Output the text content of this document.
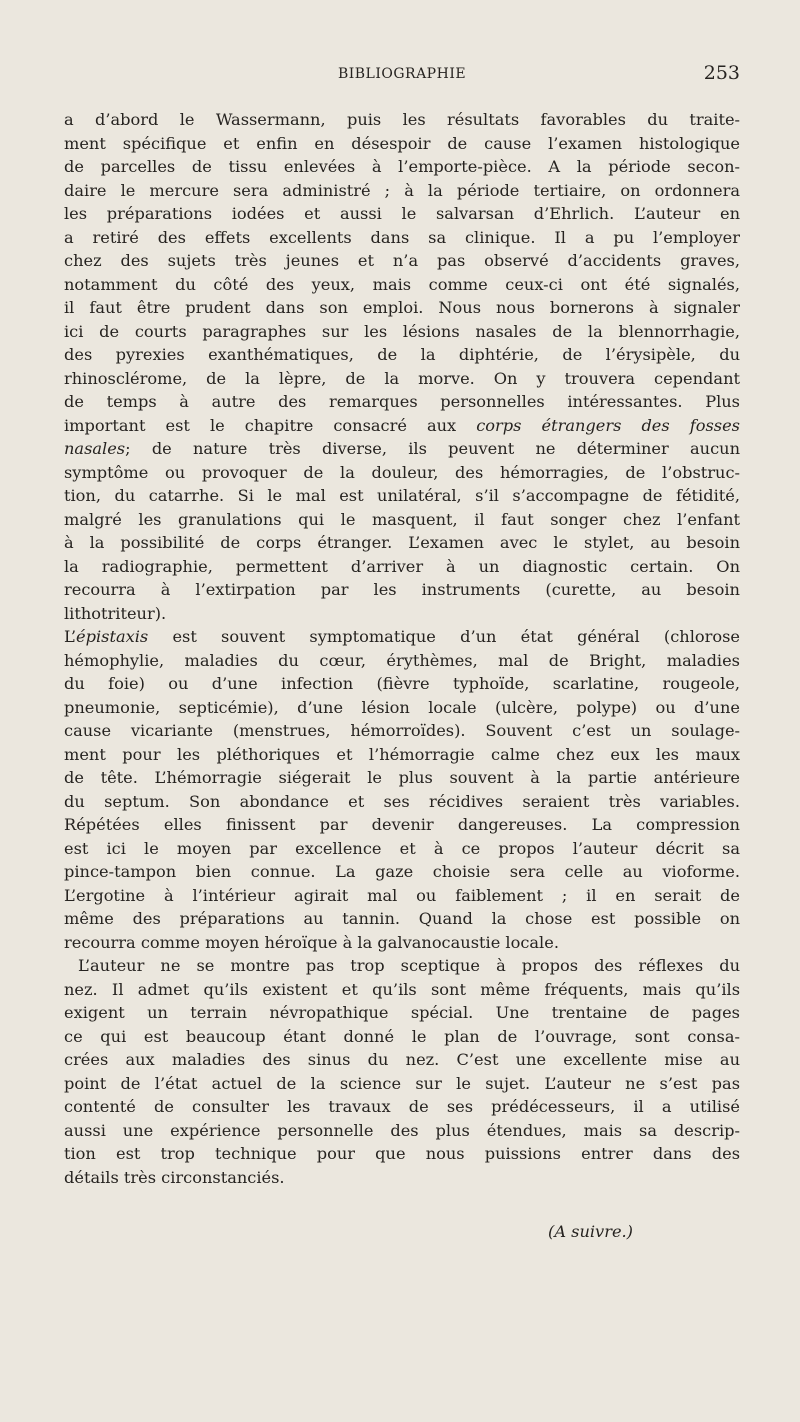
BIBLIOGRAPHIE	253
a d’abord le Wassermann, puis les résultats favorables du traite-
ment spécifique et enfin en désespoir de cause l’examen histologique
de parcelles de tissu enlevées à l’emporte-pièce. A la période secon-
daire le mercure sera administré ; à la période tertiaire, on ordonnera
les préparations iodées et aussi le salvarsan d’Ehrlich. L’auteur en
a retiré des effets excellents dans sa clinique. Il a pu l’employer
chez des sujets très jeunes et n’a pas observé d’accidents graves,
notamment du côté des yeux, mais comme ceux-ci ont été signalés,
il faut être prudent dans son emploi. Nous nous bornerons à signaler
ici de courts paragraphes sur les lésions nasales de la blennorrhagie,
des pyrexies exanthématiques, de la diphtérie, de l’érysipèle, du
rhinosclérome, de la lèpre, de la morve. On y trouvera cependant
de temps à autre des remarques personnelles intéressantes. Plus
important est le chapitre consacré aux corps étrangers des fosses
nasales; de nature très diverse, ils peuvent ne déterminer aucun
symptôme ou provoquer de la douleur, des hémorragies, de l’obstruc-
tion, du catarrhe. Si le mal est unilatéral, s’il s’accompagne de fétidité,
malgré les granulations qui le masquent, il faut songer chez l’enfant
à la possibilité de corps étranger. L’examen avec le stylet, au besoin
la radiographie, permettent d’arriver à un diagnostic certain. On
recourra à l’extirpation par les instruments (curette, au besoin
lithotriteur).
L’épistaxis est souvent symptomatique d’un état général (chlorose
hémophylie, maladies du cœur, érythèmes, mal de Bright, maladies
du foie) ou d’une infection (fièvre typhoïde, scarlatine, rougeole,
pneumonie, septicémie), d’une lésion locale (ulcère, polype) ou d’une
cause vicariante (menstrues, hémorroïdes). Souvent c’est un soulage-
ment pour les pléthoriques et l’hémorragie calme chez eux les maux
de tête. L’hémorragie siégerait le plus souvent à la partie antérieure
du septum. Son abondance et ses récidives seraient très variables.
Répétées elles finissent par devenir dangereuses. La compression
est ici le moyen par excellence et à ce propos l’auteur décrit sa
pince-tampon bien connue. La gaze choisie sera celle au vioforme.
L’ergotine à l’intérieur agirait mal ou faiblement ; il en serait de
même des préparations au tannin. Quand la chose est possible on
recourra comme moyen héroïque à la galvanocaustie locale.
L’auteur ne se montre pas trop sceptique à propos des réflexes du
nez. Il admet qu’ils existent et qu’ils sont même fréquents, mais qu’ils
exigent un terrain névropathique spécial. Une trentaine de pages
ce qui est beaucoup étant donné le plan de l’ouvrage, sont consa-
crées aux maladies des sinus du nez. C’est une excellente mise au
point de l’état actuel de la science sur le sujet. L’auteur ne s’est pas
contenté de consulter les travaux de ses prédécesseurs, il a utilisé
aussi une expérience personnelle des plus étendues, mais sa descrip-
tion est trop technique pour que nous puissions entrer dans des
détails très circonstanciés.
(A suivre.)
